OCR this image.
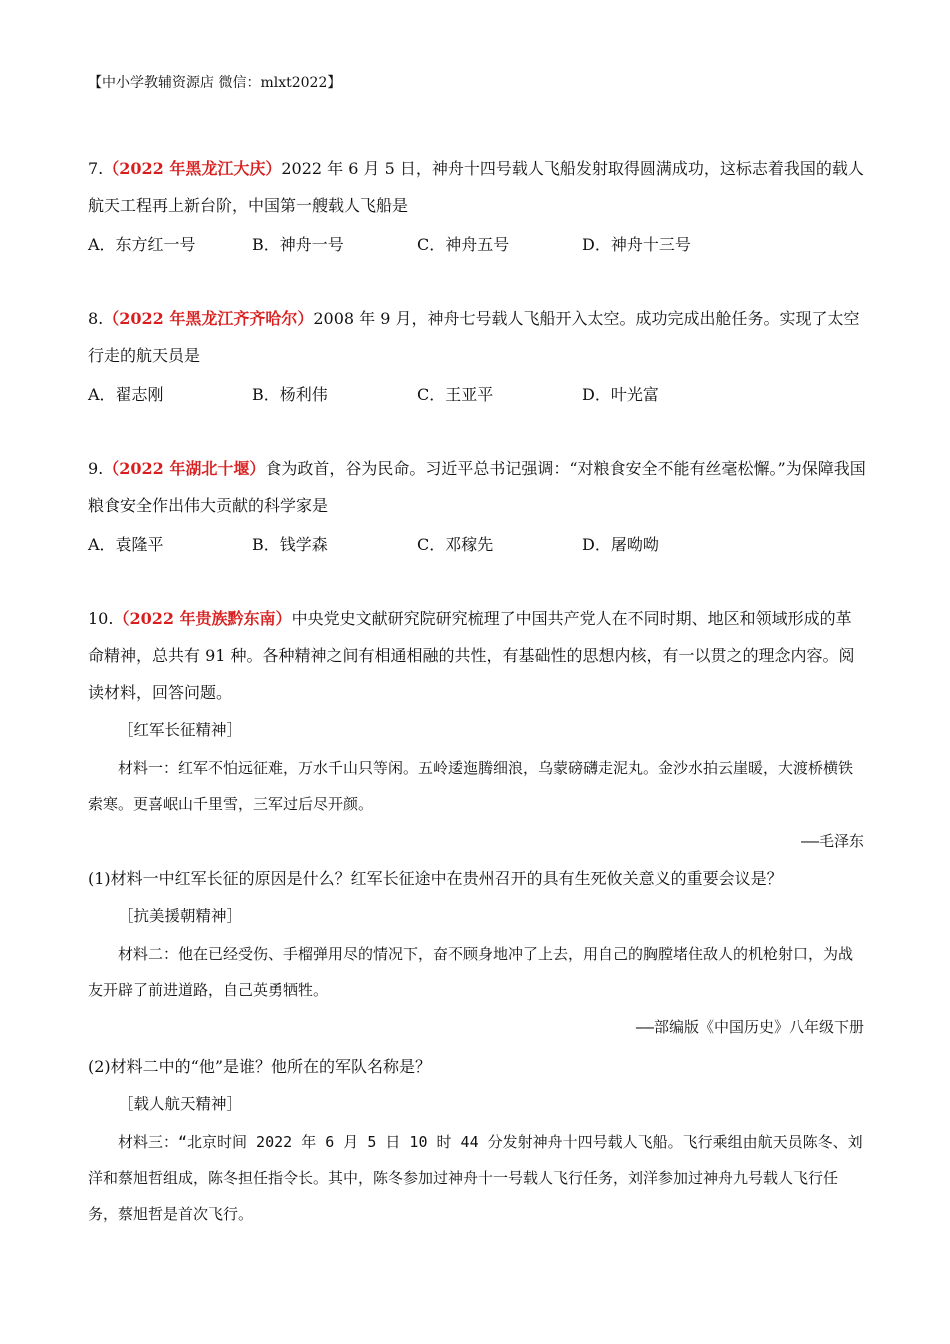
【中小学教辅资源店 微信：mlxt2022】
7.（2022 年黑龙江大庆）2022 年 6 月 5 日，神舟十四号载人飞船发射取得圆满成功，这标志着我国的载人航天工程再上新台阶，中国第一艘载人飞船是
A．东方红一号	B．神舟一号	C．神舟五号	D．神舟十三号
8.（2022 年黑龙江齐齐哈尔）2008 年 9 月，神舟七号载人飞船开入太空。成功完成出舱任务。实现了太空行走的航天员是
A．翟志刚	B．杨利伟	C．王亚平	D．叶光富
9.（2022 年湖北十堰）食为政首，谷为民命。习近平总书记强调：“对粮食安全不能有丝毫松懈。”为保障我国粮食安全作出伟大贡献的科学家是
A．袁隆平	B．钱学森	C．邓稼先	D．屠呦呦
10.（2022 年贵族黔东南）中央党史文献研究院研究梳理了中国共产党人在不同时期、地区和领域形成的革命精神，总共有 91 种。各种精神之间有相通相融的共性，有基础性的思想内核，有一以贯之的理念内容。阅读材料，回答问题。
［红军长征精神］
材料一：红军不怕远征难，万水千山只等闲。五岭逶迤腾细浪，乌蒙磅礴走泥丸。金沙水拍云崖暖，大渡桥横铁索寒。更喜岷山千里雪，三军过后尽开颜。
——毛泽东
(1)材料一中红军长征的原因是什么？红军长征途中在贵州召开的具有生死攸关意义的重要会议是？
［抗美援朝精神］
材料二：他在已经受伤、手榴弹用尽的情况下，奋不顾身地冲了上去，用自己的胸膛堵住敌人的机枪射口，为战友开辟了前进道路，自己英勇牺牲。
——部编版《中国历史》八年级下册
(2)材料二中的“他”是谁？他所在的军队名称是？
［载人航天精神］
材料三：“北京时间 2022 年 6 月 5 日 10 时 44 分发射神舟十四号载人飞船。飞行乘组由航天员陈冬、刘洋和蔡旭哲组成，陈冬担任指令长。其中，陈冬参加过神舟十一号载人飞行任务，刘洋参加过神舟九号载人飞行任务，蔡旭哲是首次飞行。
